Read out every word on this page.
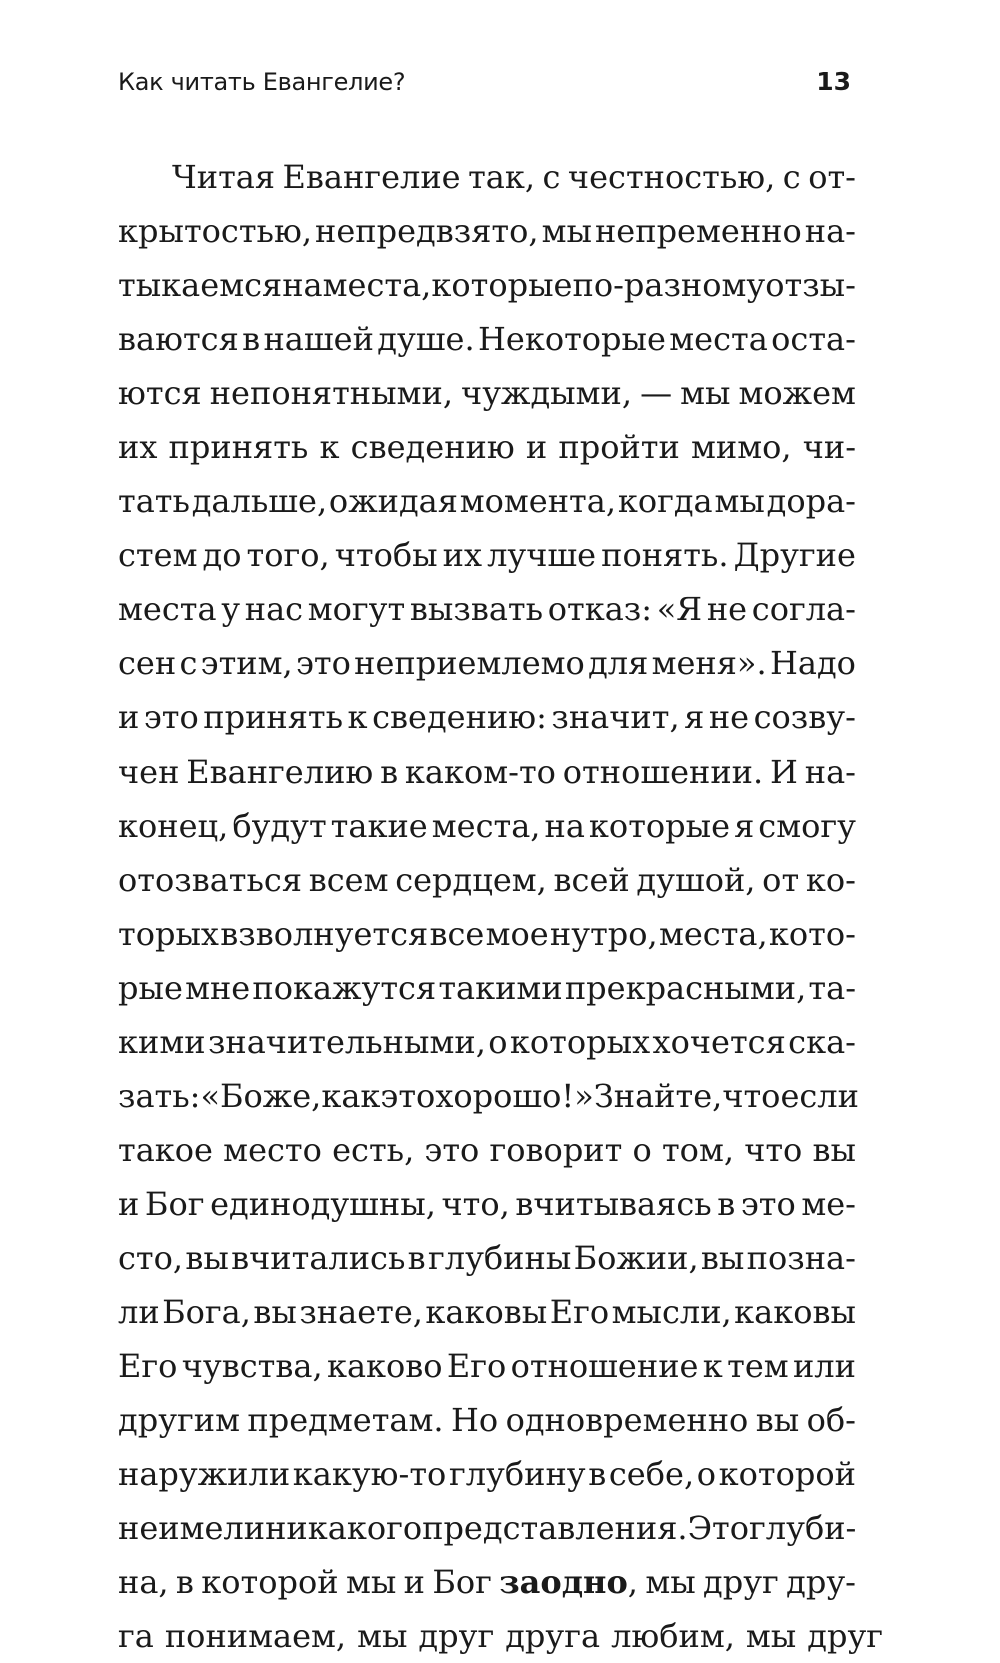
Как читать Евангелие?	13
Читая Евангелие так, с честностью, с от-
крытостью, непредвзято, мы непременно на-
тыкаемся на места, которые по-разному отзы-
ваются в нашей душе. Некоторые места оста-
ются непонятными, чуждыми, — мы можем
их принять к сведению и пройти мимо, чи-
тать дальше, ожидая момента, когда мы дора-
стем до того, чтобы их лучше понять. Другие
места у нас могут вызвать отказ: «Я не согла-
сен с этим, это неприемлемо для меня». Надо
и это принять к сведению: значит, я не созву-
чен Евангелию в каком-то отношении. И на-
конец, будут такие места, на которые я смогу
отозваться всем сердцем, всей душой, от ко-
торых взволнуется все мое нутро, места, кото-
рые мне покажутся такими прекрасными, та-
кими значительными, о которых хочется ска-
зать: «Боже, как это хорошо!» Знайте, что если
такое место есть, это говорит о том, что вы
и Бог единодушны, что, вчитываясь в это ме-
сто, вы вчитались в глубины Божии, вы позна-
ли Бога, вы знаете, каковы Его мысли, каковы
Его чувства, каково Его отношение к тем или
другим предметам. Но одновременно вы об-
наружили какую-то глубину в себе, о которой
не имели никакого представления. Это глуби-
на, в которой мы и Бог заодно, мы друг дру-
га понимаем, мы друг друга любим, мы друг
